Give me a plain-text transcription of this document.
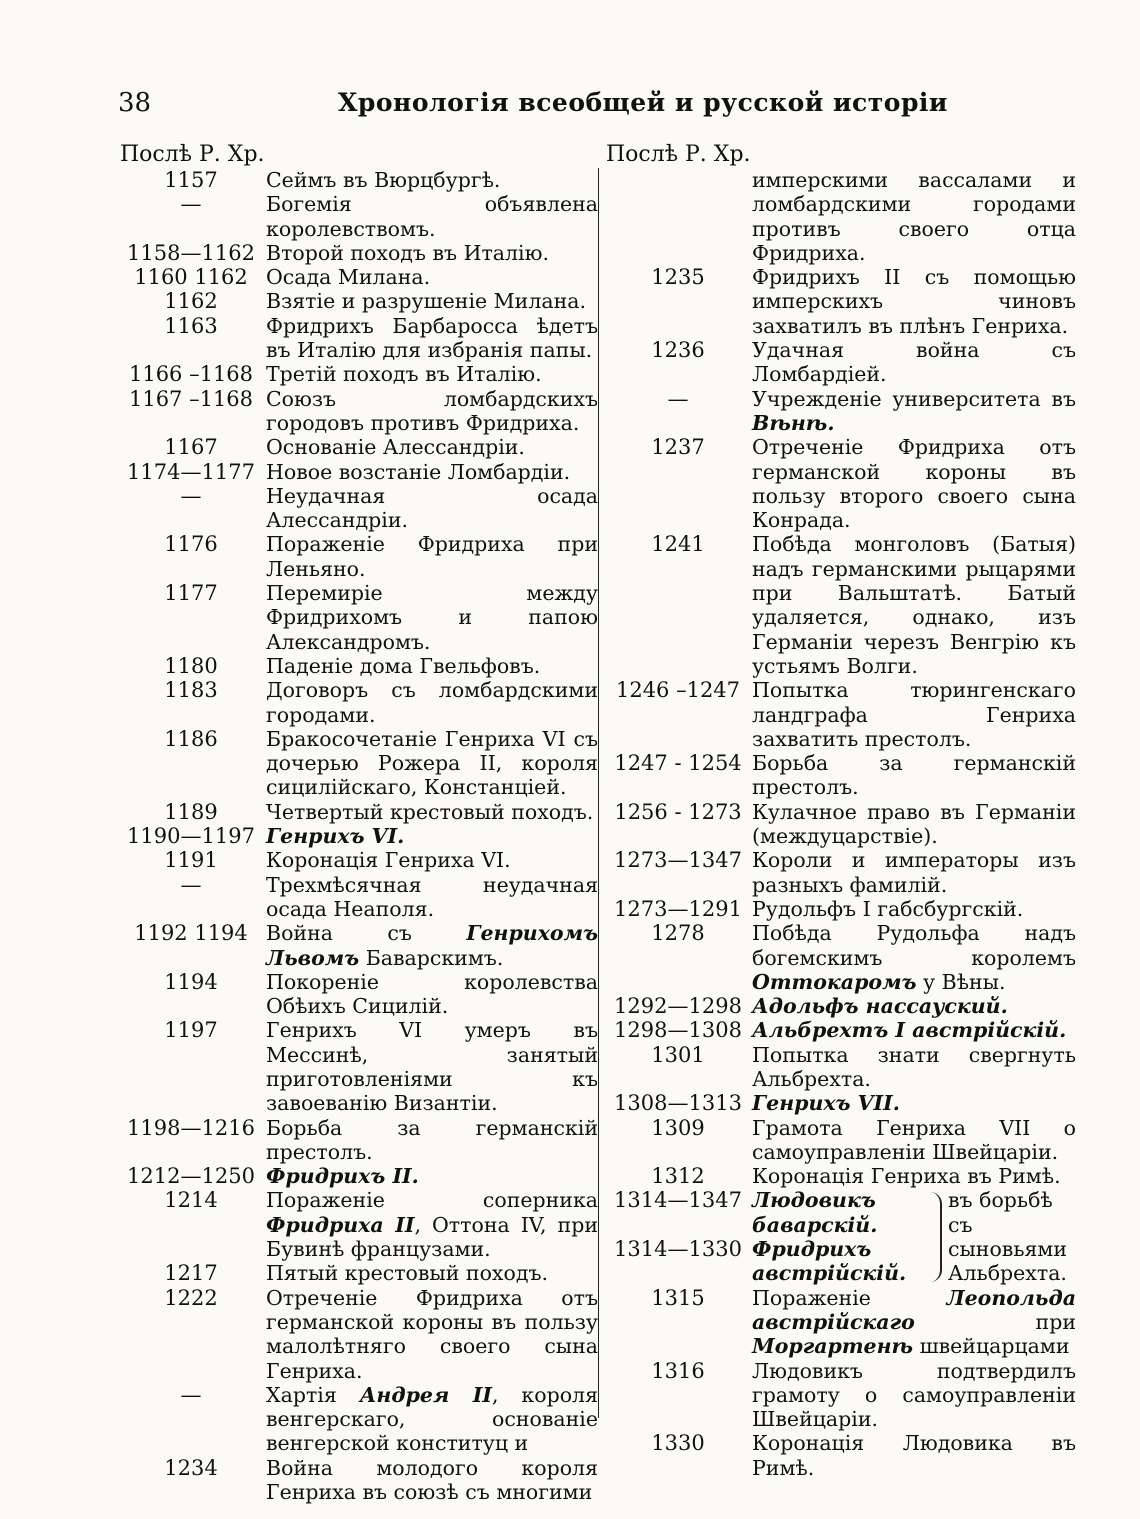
38	Хронологія всеобщей и русской исторіи
Послѣ Р. Хр.
1157	Сеймъ въ Вюрцбургѣ.
—	Богемія объявлена королевствомъ.
1158—1162 Второй походъ въ Италію.
1160 1162 Осада Милана.
1162	Взятіе и разрушеніе Милана.
1163	Фридрихъ Барбаросса ѣдетъ въ Италію для избранія папы.
1166 –1168 Третій походъ въ Италію.
1167 –1168 Союзъ ломбардскихъ городовъ противъ Фридриха.
1167	Основаніе Алессандріи.
1174—1177 Новое возстаніе Ломбардіи.
—	Неудачная осада Алессандріи.
1176	Пораженіе Фридриха при Леньяно.
1177	Перемиріе между Фридрихомъ и папою Александромъ.
1180	Паденіе дома Гвельфовъ.
1183	Договоръ съ ломбардскими городами.
1186	Бракосочетаніе Генриха VI съ дочерью Рожера II, короля сицилійскаго, Констанціей.
1189	Четвертый крестовый походъ.
1190—1197 Генрихъ VI.
1191	Коронація Генриха VI.
—	Трехмѣсячная неудачная осада Неаполя.
1192 1194 Война съ Генрихомъ Львомъ Баварскимъ.
1194	Покореніе королевства Обѣихъ Сицилій.
1197	Генрихъ VI умеръ въ Мессинѣ, занятый приготовленіями къ завоеванію Византіи.
1198—1216 Борьба за германскій престолъ.
1212—1250 Фридрихъ II.
1214	Пораженіе соперника Фридриха II, Оттона IV, при Бувинѣ французами.
1217	Пятый крестовый походъ.
1222	Отреченіе Фридриха отъ германской короны въ пользу малолѣтняго своего сына Генриха.
—	Хартія Андрея II, короля венгерскаго, основаніе венгерской конституц и
1234	Война молодого короля Генриха въ союзѣ съ многими
Послѣ Р. Хр.
имперскими вассалами и ломбардскими городами противъ своего отца Фридриха.
1235	Фридрихъ II съ помощью имперскихъ чиновъ захватилъ въ плѣнъ Генриха.
1236	Удачная война съ Ломбардіей.
—	Учрежденіе университета въ Вѣнѣ.
1237	Отреченіе Фридриха отъ германской короны въ пользу второго своего сына Конрада.
1241	Побѣда монголовъ (Батыя) надъ германскими рыцарями при Вальштатѣ. Батый удаляется, однако, изъ Германіи черезъ Венгрію къ устьямъ Волги.
1246 –1247 Попытка тюрингенскаго ландграфа Генриха захватить престолъ.
1247 - 1254 Борьба за германскій престолъ.
1256 - 1273 Кулачное право въ Германіи (междуцарствіе).
1273—1347 Короли и императоры изъ разныхъ фамилій.
1273—1291 Рудольфъ I габсбургскій.
1278	Побѣда Рудольфа надъ богемскимъ королемъ Оттокаромъ у Вѣны.
1292—1298 Адольфъ нассауский.
1298—1308 Альбрехтъ I австрійскій.
1301	Попытка знати свергнуть Альбрехта.
1308—1313 Генрихъ VII.
1309	Грамота Генриха VII о самоуправленіи Швейцаріи.
1312	Коронація Генриха въ Римѣ.
1314—1347 Людовикъ баварскій.
1314—1330 Фридрихъ австрійскій.
въ борьбѣ съ сыновьями Альбрехта.
1315	Пораженіе Леопольда австрійскаго при Моргартенѣ швейцарцами
1316	Людовикъ подтвердилъ грамоту о самоуправленіи Швейцаріи.
1330	Коронація Людовика въ Римѣ.
